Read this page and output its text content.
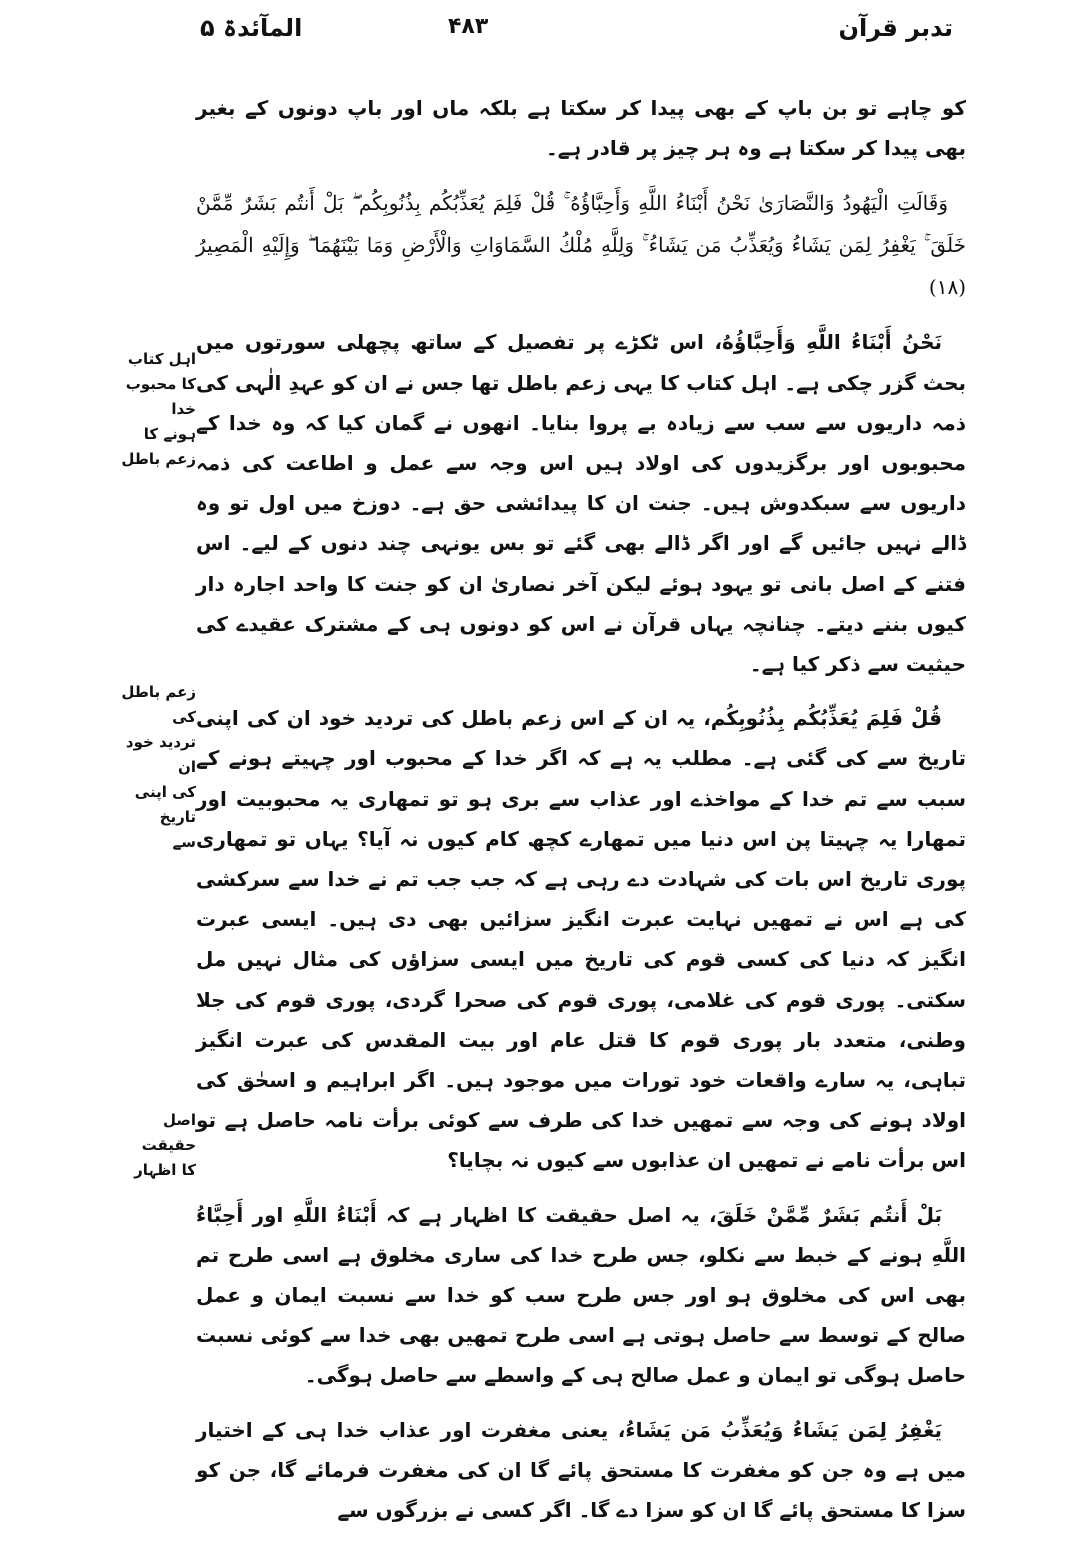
تدبر قرآن
۴۸۳
المآئدۃ ۵

کو چاہے تو بن باپ کے بھی پیدا کر سکتا ہے بلکہ ماں اور باپ دونوں کے بغیر بھی پیدا کر سکتا ہے وہ ہر چیز پر قادر ہے۔

وَقَالَتِ الْيَهُودُ وَالنَّصَارَىٰ نَحْنُ أَبْنَاءُ اللَّهِ وَأَحِبَّاؤُهُ ۚ قُلْ فَلِمَ يُعَذِّبُكُم بِذُنُوبِكُم ۖ بَلْ أَنتُم بَشَرٌ مِّمَّنْ خَلَقَ ۚ يَغْفِرُ لِمَن يَشَاءُ وَيُعَذِّبُ مَن يَشَاءُ ۚ وَلِلَّهِ مُلْكُ السَّمَاوَاتِ وَالْأَرْضِ وَمَا بَيْنَهُمَا ۖ وَإِلَيْهِ الْمَصِيرُ (۱۸)

نَحْنُ أَبْنَاءُ اللَّهِ وَأَحِبَّاؤُهُ، اس ٹکڑے پر تفصیل کے ساتھ پچھلی سورتوں میں بحث گزر چکی ہے۔ اہل کتاب کا یہی زعم باطل تھا جس نے ان کو عہدِ الٰہی کی ذمہ داریوں سے سب سے زیادہ بے پروا بنایا۔ انھوں نے گمان کیا کہ وہ خدا کے محبوبوں اور برگزیدوں کی اولاد ہیں اس وجہ سے عمل و اطاعت کی ذمہ داریوں سے سبکدوش ہیں۔ جنت ان کا پیدائشی حق ہے۔ دوزخ میں اول تو وہ ڈالے نہیں جائیں گے اور اگر ڈالے بھی گئے تو بس یونہی چند دنوں کے لیے۔ اس فتنے کے اصل بانی تو یہود ہوئے لیکن آخر نصاریٰ ان کو جنت کا واحد اجارہ دار کیوں بننے دیتے۔ چنانچہ یہاں قرآن نے اس کو دونوں ہی کے مشترک عقیدے کی حیثیت سے ذکر کیا ہے۔

قُلْ فَلِمَ يُعَذِّبُكُم بِذُنُوبِكُم، یہ ان کے اس زعم باطل کی تردید خود ان کی اپنی تاریخ سے کی گئی ہے۔ مطلب یہ ہے کہ اگر خدا کے محبوب اور چہیتے ہونے کے سبب سے تم خدا کے مواخذے اور عذاب سے بری ہو تو تمھاری یہ محبوبیت اور تمھارا یہ چہیتا پن اس دنیا میں تمھارے کچھ کام کیوں نہ آیا؟ یہاں تو تمھاری پوری تاریخ اس بات کی شہادت دے رہی ہے کہ جب جب تم نے خدا سے سرکشی کی ہے اس نے تمھیں نہایت عبرت انگیز سزائیں بھی دی ہیں۔ ایسی عبرت انگیز کہ دنیا کی کسی قوم کی تاریخ میں ایسی سزاؤں کی مثال نہیں مل سکتی۔ پوری قوم کی غلامی، پوری قوم کی صحرا گردی، پوری قوم کی جلا وطنی، متعدد بار پوری قوم کا قتل عام اور بیت المقدس کی عبرت انگیز تباہی، یہ سارے واقعات خود تورات میں موجود ہیں۔ اگر ابراہیم و اسحٰق کی اولاد ہونے کی وجہ سے تمھیں خدا کی طرف سے کوئی برأت نامہ حاصل ہے تو اس برأت نامے نے تمھیں ان عذابوں سے کیوں نہ بچایا؟

بَلْ أَنتُم بَشَرٌ مِّمَّنْ خَلَقَ، یہ اصل حقیقت کا اظہار ہے کہ أَبْنَاءُ اللَّهِ اور أَحِبَّاءُ اللَّهِ ہونے کے خبط سے نکلو، جس طرح خدا کی ساری مخلوق ہے اسی طرح تم بھی اس کی مخلوق ہو اور جس طرح سب کو خدا سے نسبت ایمان و عمل صالح کے توسط سے حاصل ہوتی ہے اسی طرح تمھیں بھی خدا سے کوئی نسبت حاصل ہوگی تو ایمان و عمل صالح ہی کے واسطے سے حاصل ہوگی۔

يَغْفِرُ لِمَن يَشَاءُ وَيُعَذِّبُ مَن يَشَاءُ، یعنی مغفرت اور عذاب خدا ہی کے اختیار میں ہے وہ جن کو مغفرت کا مستحق پائے گا ان کی مغفرت فرمائے گا، جن کو سزا کا مستحق پائے گا ان کو سزا دے گا۔ اگر کسی نے بزرگوں سے

اہل کتاب
کا محبوب خدا
ہونے کا
زعم باطل
زعم باطل کی
تردید خود ان
کی اپنی تاریخ
سے
اصل حقیقت
کا اظہار
